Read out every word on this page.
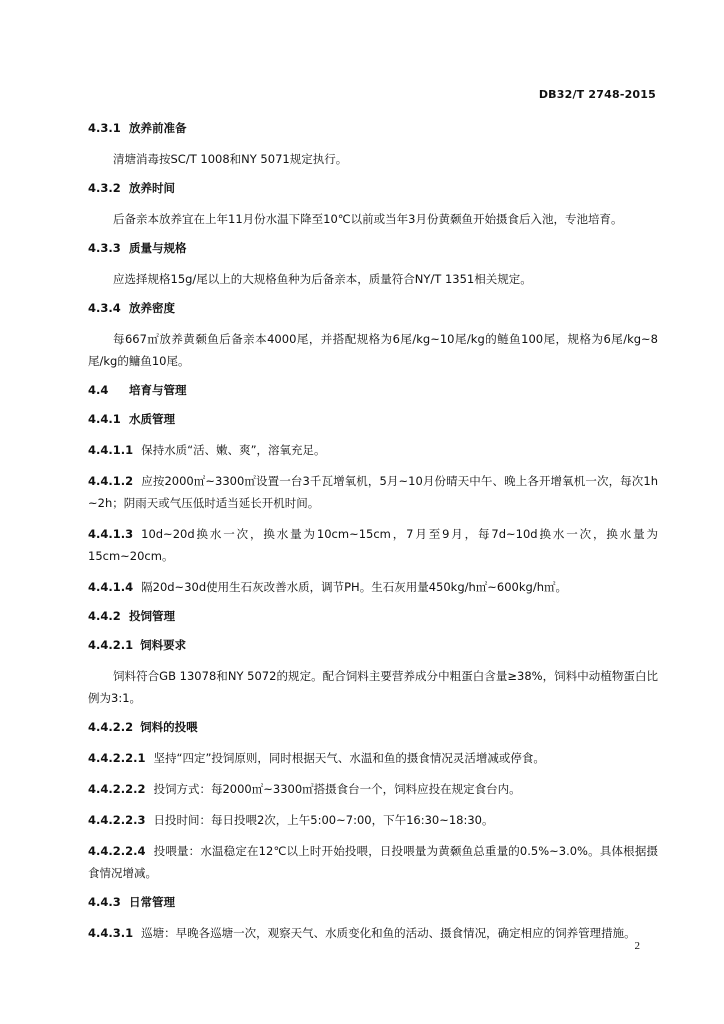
DB32/T 2748-2015
4.3.1 放养前准备
清塘消毒按SC/T 1008和NY 5071规定执行。
4.3.2 放养时间
后备亲本放养宜在上年11月份水温下降至10℃以前或当年3月份黄颡鱼开始摄食后入池，专池培育。
4.3.3 质量与规格
应选择规格15g/尾以上的大规格鱼种为后备亲本，质量符合NY/T 1351相关规定。
4.3.4 放养密度
每667㎡放养黄颡鱼后备亲本4000尾，并搭配规格为6尾/kg~10尾/kg的鲢鱼100尾，规格为6尾/kg~8尾/kg的鳙鱼10尾。
4.4 培育与管理
4.4.1 水质管理
4.4.1.1 保持水质“活、嫩、爽”，溶氧充足。
4.4.1.2 应按2000㎡~3300㎡设置一台3千瓦增氧机，5月~10月份晴天中午、晚上各开增氧机一次，每次1h ~2h；阴雨天或气压低时适当延长开机时间。
4.4.1.3 10d~20d换水一次，换水量为10cm~15cm，7月至9月，每7d~10d换水一次，换水量为15cm~20cm。
4.4.1.4 隔20d~30d使用生石灰改善水质，调节PH。生石灰用量450kg/h㎡~600kg/h㎡。
4.4.2 投饲管理
4.4.2.1 饲料要求
饲料符合GB 13078和NY 5072的规定。配合饲料主要营养成分中粗蛋白含量≥38%，饲料中动植物蛋白比例为3:1。
4.4.2.2 饲料的投喂
4.4.2.2.1 坚持“四定”投饲原则，同时根据天气、水温和鱼的摄食情况灵活增减或停食。
4.4.2.2.2 投饲方式：每2000㎡~3300㎡搭摄食台一个，饲料应投在规定食台内。
4.4.2.2.3 日投时间：每日投喂2次，上午5:00~7:00，下午16:30~18:30。
4.4.2.2.4 投喂量：水温稳定在12℃以上时开始投喂，日投喂量为黄颡鱼总重量的0.5%~3.0%。具体根据摄食情况增减。
4.4.3 日常管理
4.4.3.1 巡塘：早晚各巡塘一次，观察天气、水质变化和鱼的活动、摄食情况，确定相应的饲养管理措施。
2
